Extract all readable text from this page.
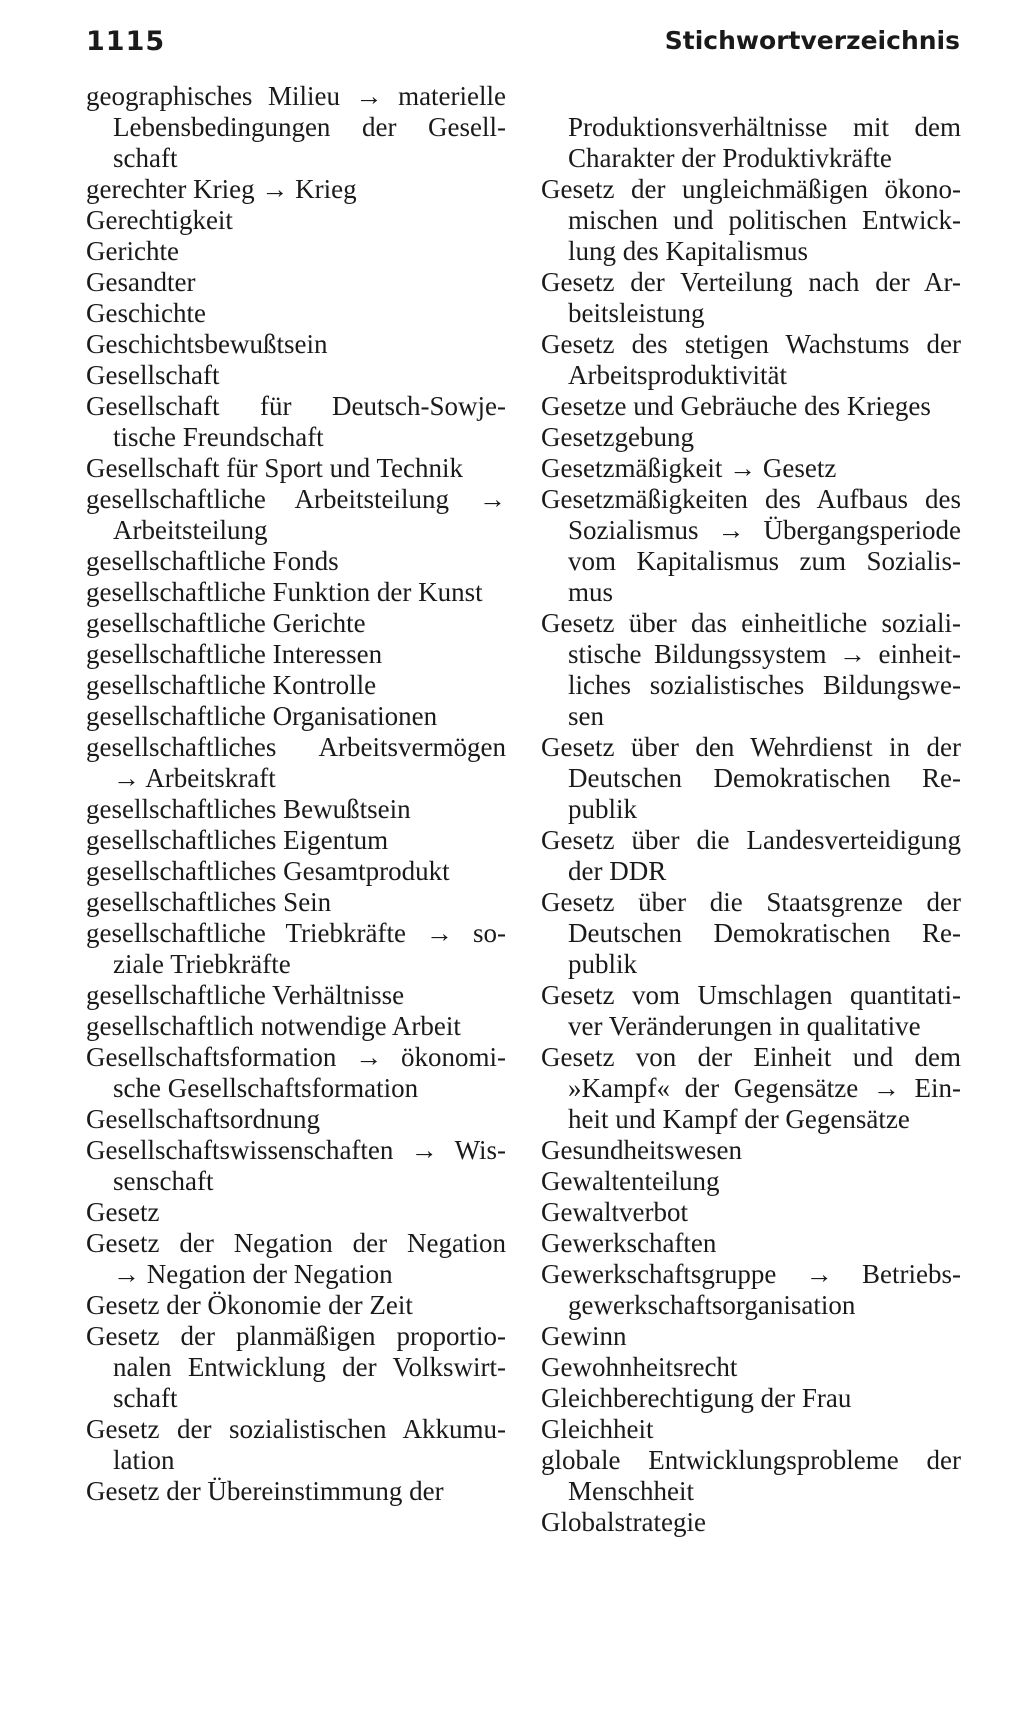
1115	Stichwortverzeichnis
geographisches Milieu → materielle
Lebensbedingungen der Gesell-
schaft
gerechter Krieg → Krieg
Gerechtigkeit
Gerichte
Gesandter
Geschichte
Geschichtsbewußtsein
Gesellschaft
Gesellschaft für Deutsch-Sowje-
tische Freundschaft
Gesellschaft für Sport und Technik
gesellschaftliche Arbeitsteilung →
Arbeitsteilung
gesellschaftliche Fonds
gesellschaftliche Funktion der Kunst
gesellschaftliche Gerichte
gesellschaftliche Interessen
gesellschaftliche Kontrolle
gesellschaftliche Organisationen
gesellschaftliches Arbeitsvermögen
→ Arbeitskraft
gesellschaftliches Bewußtsein
gesellschaftliches Eigentum
gesellschaftliches Gesamtprodukt
gesellschaftliches Sein
gesellschaftliche Triebkräfte → so-
ziale Triebkräfte
gesellschaftliche Verhältnisse
gesellschaftlich notwendige Arbeit
Gesellschaftsformation → ökonomi-
sche Gesellschaftsformation
Gesellschaftsordnung
Gesellschaftswissenschaften → Wis-
senschaft
Gesetz
Gesetz der Negation der Negation
→ Negation der Negation
Gesetz der Ökonomie der Zeit
Gesetz der planmäßigen proportio-
nalen Entwicklung der Volkswirt-
schaft
Gesetz der sozialistischen Akkumu-
lation
Gesetz der Übereinstimmung der
Produktionsverhältnisse mit dem
Charakter der Produktivkräfte
Gesetz der ungleichmäßigen ökono-
mischen und politischen Entwick-
lung des Kapitalismus
Gesetz der Verteilung nach der Ar-
beitsleistung
Gesetz des stetigen Wachstums der
Arbeitsproduktivität
Gesetze und Gebräuche des Krieges
Gesetzgebung
Gesetzmäßigkeit → Gesetz
Gesetzmäßigkeiten des Aufbaus des
Sozialismus → Übergangsperiode
vom Kapitalismus zum Sozialis-
mus
Gesetz über das einheitliche soziali-
stische Bildungssystem → einheit-
liches sozialistisches Bildungswe-
sen
Gesetz über den Wehrdienst in der
Deutschen Demokratischen Re-
publik
Gesetz über die Landesverteidigung
der DDR
Gesetz über die Staatsgrenze der
Deutschen Demokratischen Re-
publik
Gesetz vom Umschlagen quantitati-
ver Veränderungen in qualitative
Gesetz von der Einheit und dem
»Kampf« der Gegensätze → Ein-
heit und Kampf der Gegensätze
Gesundheitswesen
Gewaltenteilung
Gewaltverbot
Gewerkschaften
Gewerkschaftsgruppe → Betriebs-
gewerkschaftsorganisation
Gewinn
Gewohnheitsrecht
Gleichberechtigung der Frau
Gleichheit
globale Entwicklungsprobleme der
Menschheit
Globalstrategie
